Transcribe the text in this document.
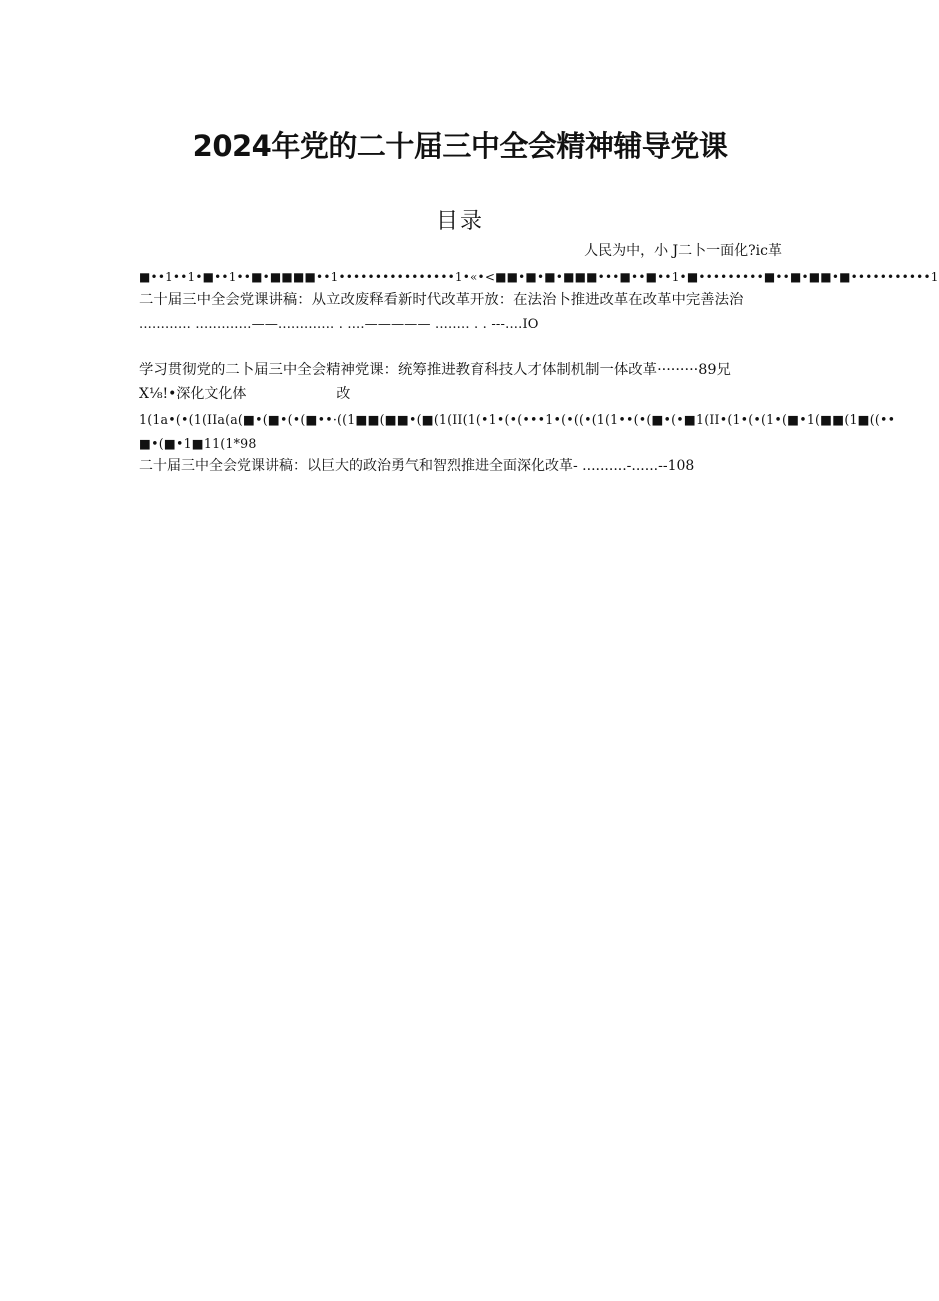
2024年党的二十届三中全会精神辅导党课
目录
人民为中，小 J二卜一面化?ic革
■••1••1•■••1••■•■■■■••1••••••••••••••••1•«•<■■•■•■•■■■•••■••■••1•■•••••••••■••■•■■•■•••••••••••1
二十届三中全会党课讲稿：从立改废释看新时代改革开放：在法治卜推进改革在改革中完善法治
............ .............——............. . ....————— ........ . . ---....IO
学习贯彻党的二卜届三中全会精神党课：统筹推进教育科技人才体制机制一体改革·········89兄
X⅛!•深化文化体	改
1(1a•(•(1(IIa(a(■•(■•(•(■••·((1■■(■■•(■(1(II(1(•1•(•(•••1•(•((•(1(1••(•(■•(•■1(II•(1•(•(1•(■•1(■■(1■((••
■•(■•1■11(1*98
二十届三中全会党课讲稿：以巨大的政治勇气和智烈推进全面深化改革- ..........-......--108
